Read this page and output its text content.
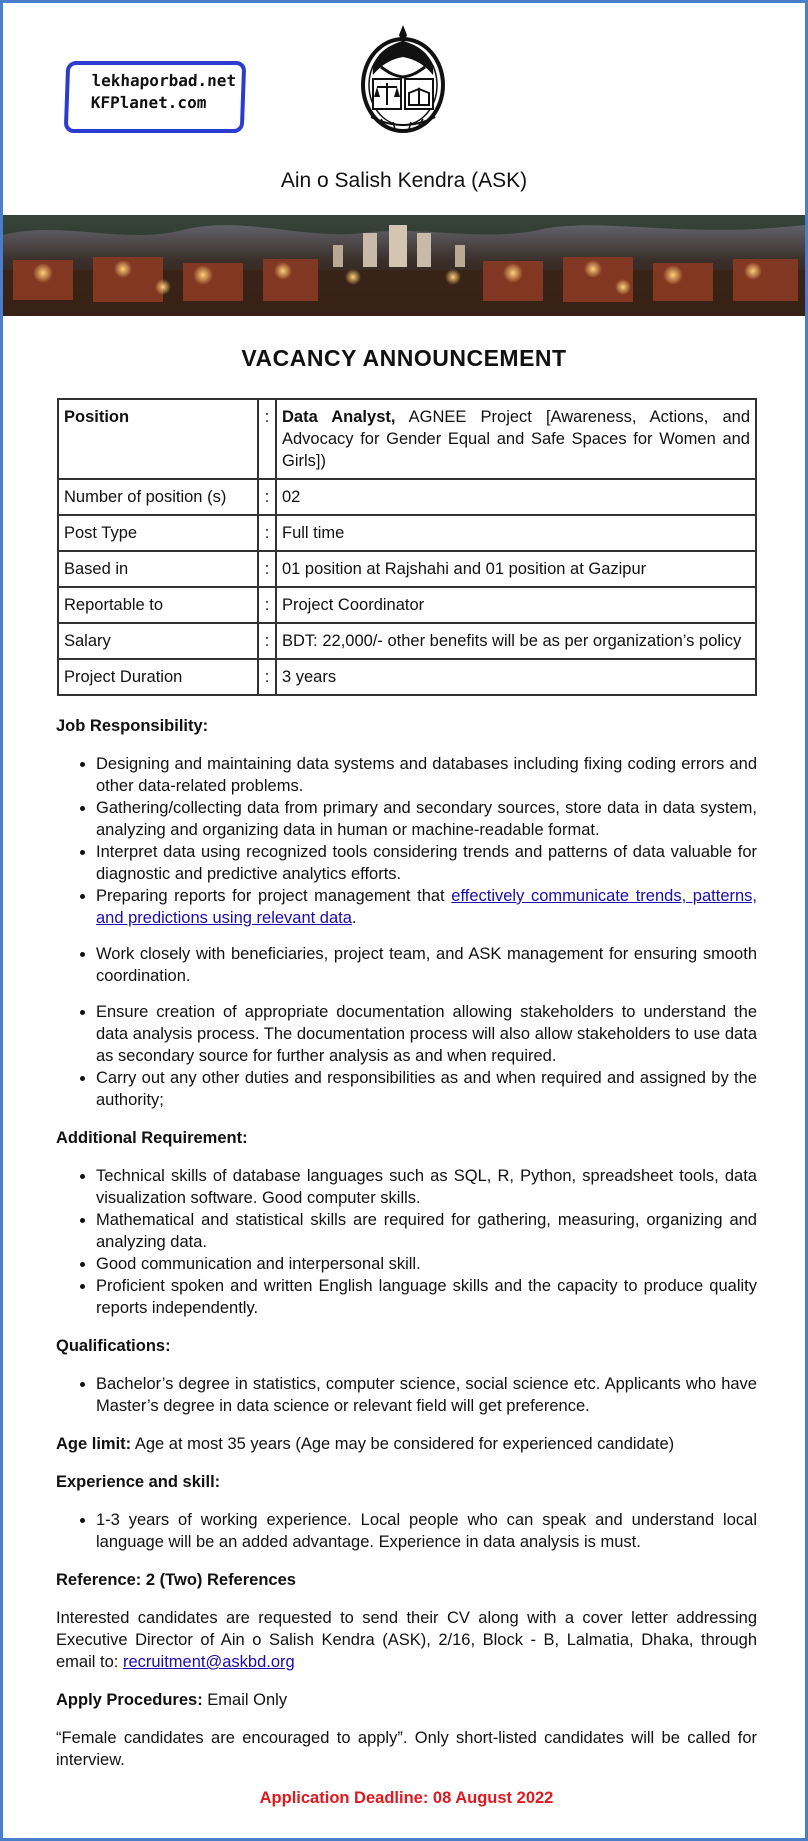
lekhaporbad.net
KFPlanet.com
Ain o Salish Kendra (ASK)
VACANCY ANNOUNCEMENT
Position	:	Data Analyst, AGNEE Project [Awareness, Actions, and Advocacy for Gender Equal and Safe Spaces for Women and Girls])
Number of position (s)	:	02
Post Type	:	Full time
Based in	:	01 position at Rajshahi and 01 position at Gazipur
Reportable to	:	Project Coordinator
Salary	:	BDT: 22,000/- other benefits will be as per organization’s policy
Project Duration	:	3 years
Job Responsibility:
• Designing and maintaining data systems and databases including fixing coding errors and other data-related problems.
• Gathering/collecting data from primary and secondary sources, store data in data system, analyzing and organizing data in human or machine-readable format.
• Interpret data using recognized tools considering trends and patterns of data valuable for diagnostic and predictive analytics efforts.
• Preparing reports for project management that effectively communicate trends, patterns, and predictions using relevant data.
• Work closely with beneficiaries, project team, and ASK management for ensuring smooth coordination.
• Ensure creation of appropriate documentation allowing stakeholders to understand the data analysis process. The documentation process will also allow stakeholders to use data as secondary source for further analysis as and when required.
• Carry out any other duties and responsibilities as and when required and assigned by the authority;
Additional Requirement:
• Technical skills of database languages such as SQL, R, Python, spreadsheet tools, data visualization software. Good computer skills.
• Mathematical and statistical skills are required for gathering, measuring, organizing and analyzing data.
• Good communication and interpersonal skill.
• Proficient spoken and written English language skills and the capacity to produce quality reports independently.
Qualifications:
• Bachelor’s degree in statistics, computer science, social science etc. Applicants who have Master’s degree in data science or relevant field will get preference.

Age limit: Age at most 35 years (Age may be considered for experienced candidate)

Experience and skill:
• 1-3 years of working experience. Local people who can speak and understand local language will be an added advantage. Experience in data analysis is must.
Reference: 2 (Two) References

Interested candidates are requested to send their CV along with a cover letter addressing Executive Director of Ain o Salish Kendra (ASK), 2/16, Block - B, Lalmatia, Dhaka, through email to: recruitment@askbd.org

Apply Procedures: Email Only

“Female candidates are encouraged to apply”. Only short-listed candidates will be called for interview.

Application Deadline: 08 August 2022
